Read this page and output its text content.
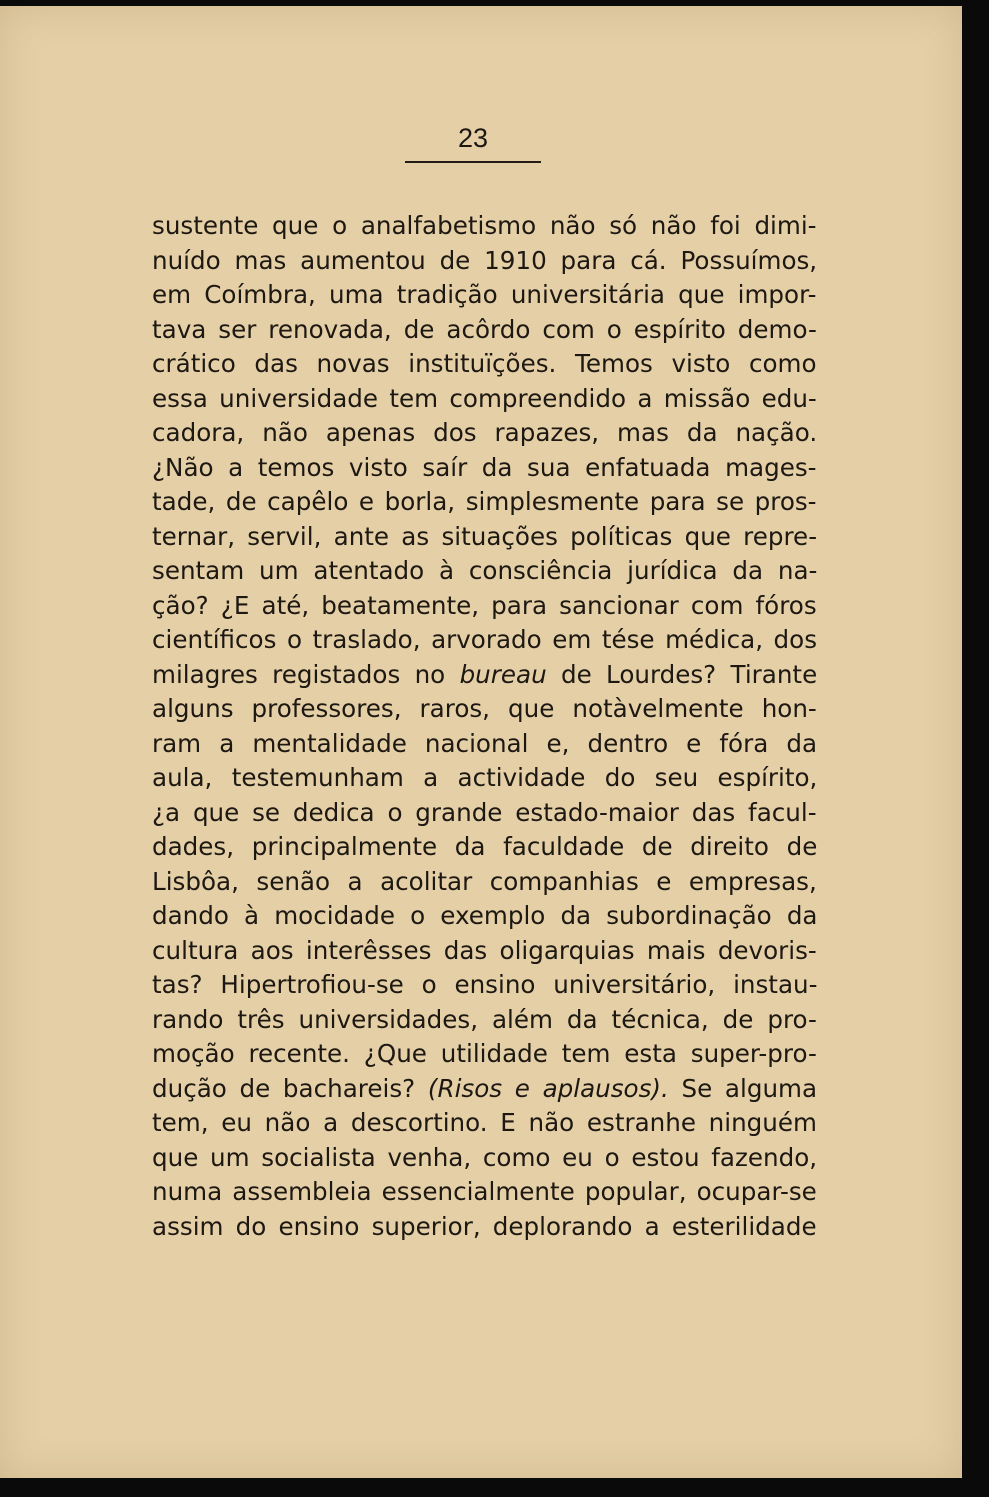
23
sustente que o analfabetismo não só não foi dimi-
nuído mas aumentou de 1910 para cá. Possuímos,
em Coímbra, uma tradição universitária que impor-
tava ser renovada, de acôrdo com o espírito demo-
crático das novas instituïções. Temos visto como
essa universidade tem compreendido a missão edu-
cadora, não apenas dos rapazes, mas da nação.
¿Não a temos visto saír da sua enfatuada mages-
tade, de capêlo e borla, simplesmente para se pros-
ternar, servil, ante as situações políticas que repre-
sentam um atentado à consciência jurídica da na-
ção? ¿E até, beatamente, para sancionar com fóros
científicos o traslado, arvorado em tése médica, dos
milagres registados no bureau de Lourdes? Tirante
alguns professores, raros, que notàvelmente hon-
ram a mentalidade nacional e, dentro e fóra da
aula, testemunham a actividade do seu espírito,
¿a que se dedica o grande estado-maior das facul-
dades, principalmente da faculdade de direito de
Lisbôa, senão a acolitar companhias e empresas,
dando à mocidade o exemplo da subordinação da
cultura aos interêsses das oligarquias mais devoris-
tas? Hipertrofiou-se o ensino universitário, instau-
rando três universidades, além da técnica, de pro-
moção recente. ¿Que utilidade tem esta super-pro-
dução de bachareis? (Risos e aplausos). Se alguma
tem, eu não a descortino. E não estranhe ninguém
que um socialista venha, como eu o estou fazendo,
numa assembleia essencialmente popular, ocupar-se
assim do ensino superior, deplorando a esterilidade
